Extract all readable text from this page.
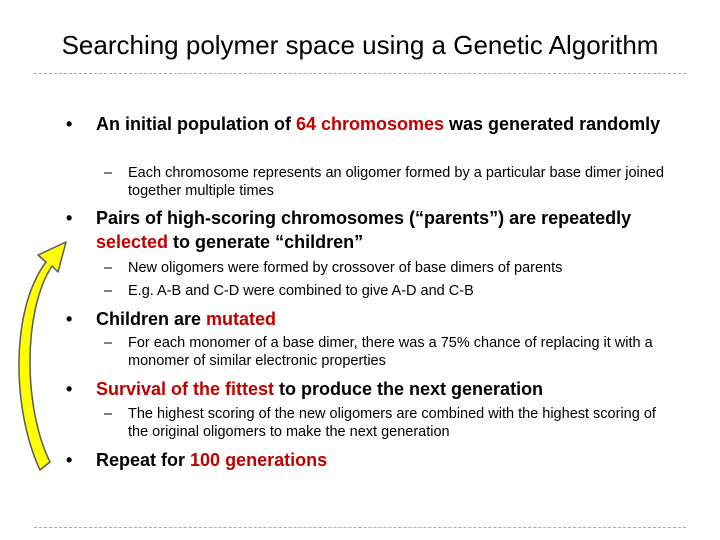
Searching polymer space using a Genetic Algorithm
•	An initial population of 64 chromosomes was generated randomly
–	Each chromosome represents an oligomer formed by a particular base dimer joined together multiple times
•	Pairs of high-scoring chromosomes (“parents”) are repeatedly selected to generate “children”
–	New oligomers were formed by crossover of base dimers of parents
–	E.g. A-B and C-D were combined to give A-D and C-B
•	Children are mutated
–	For each monomer of a base dimer, there was a 75% chance of replacing it with a monomer of similar electronic properties
•	Survival of the fittest to produce the next generation
–	The highest scoring of the new oligomers are combined with the highest scoring of the original oligomers to make the next generation
•	Repeat for 100 generations
